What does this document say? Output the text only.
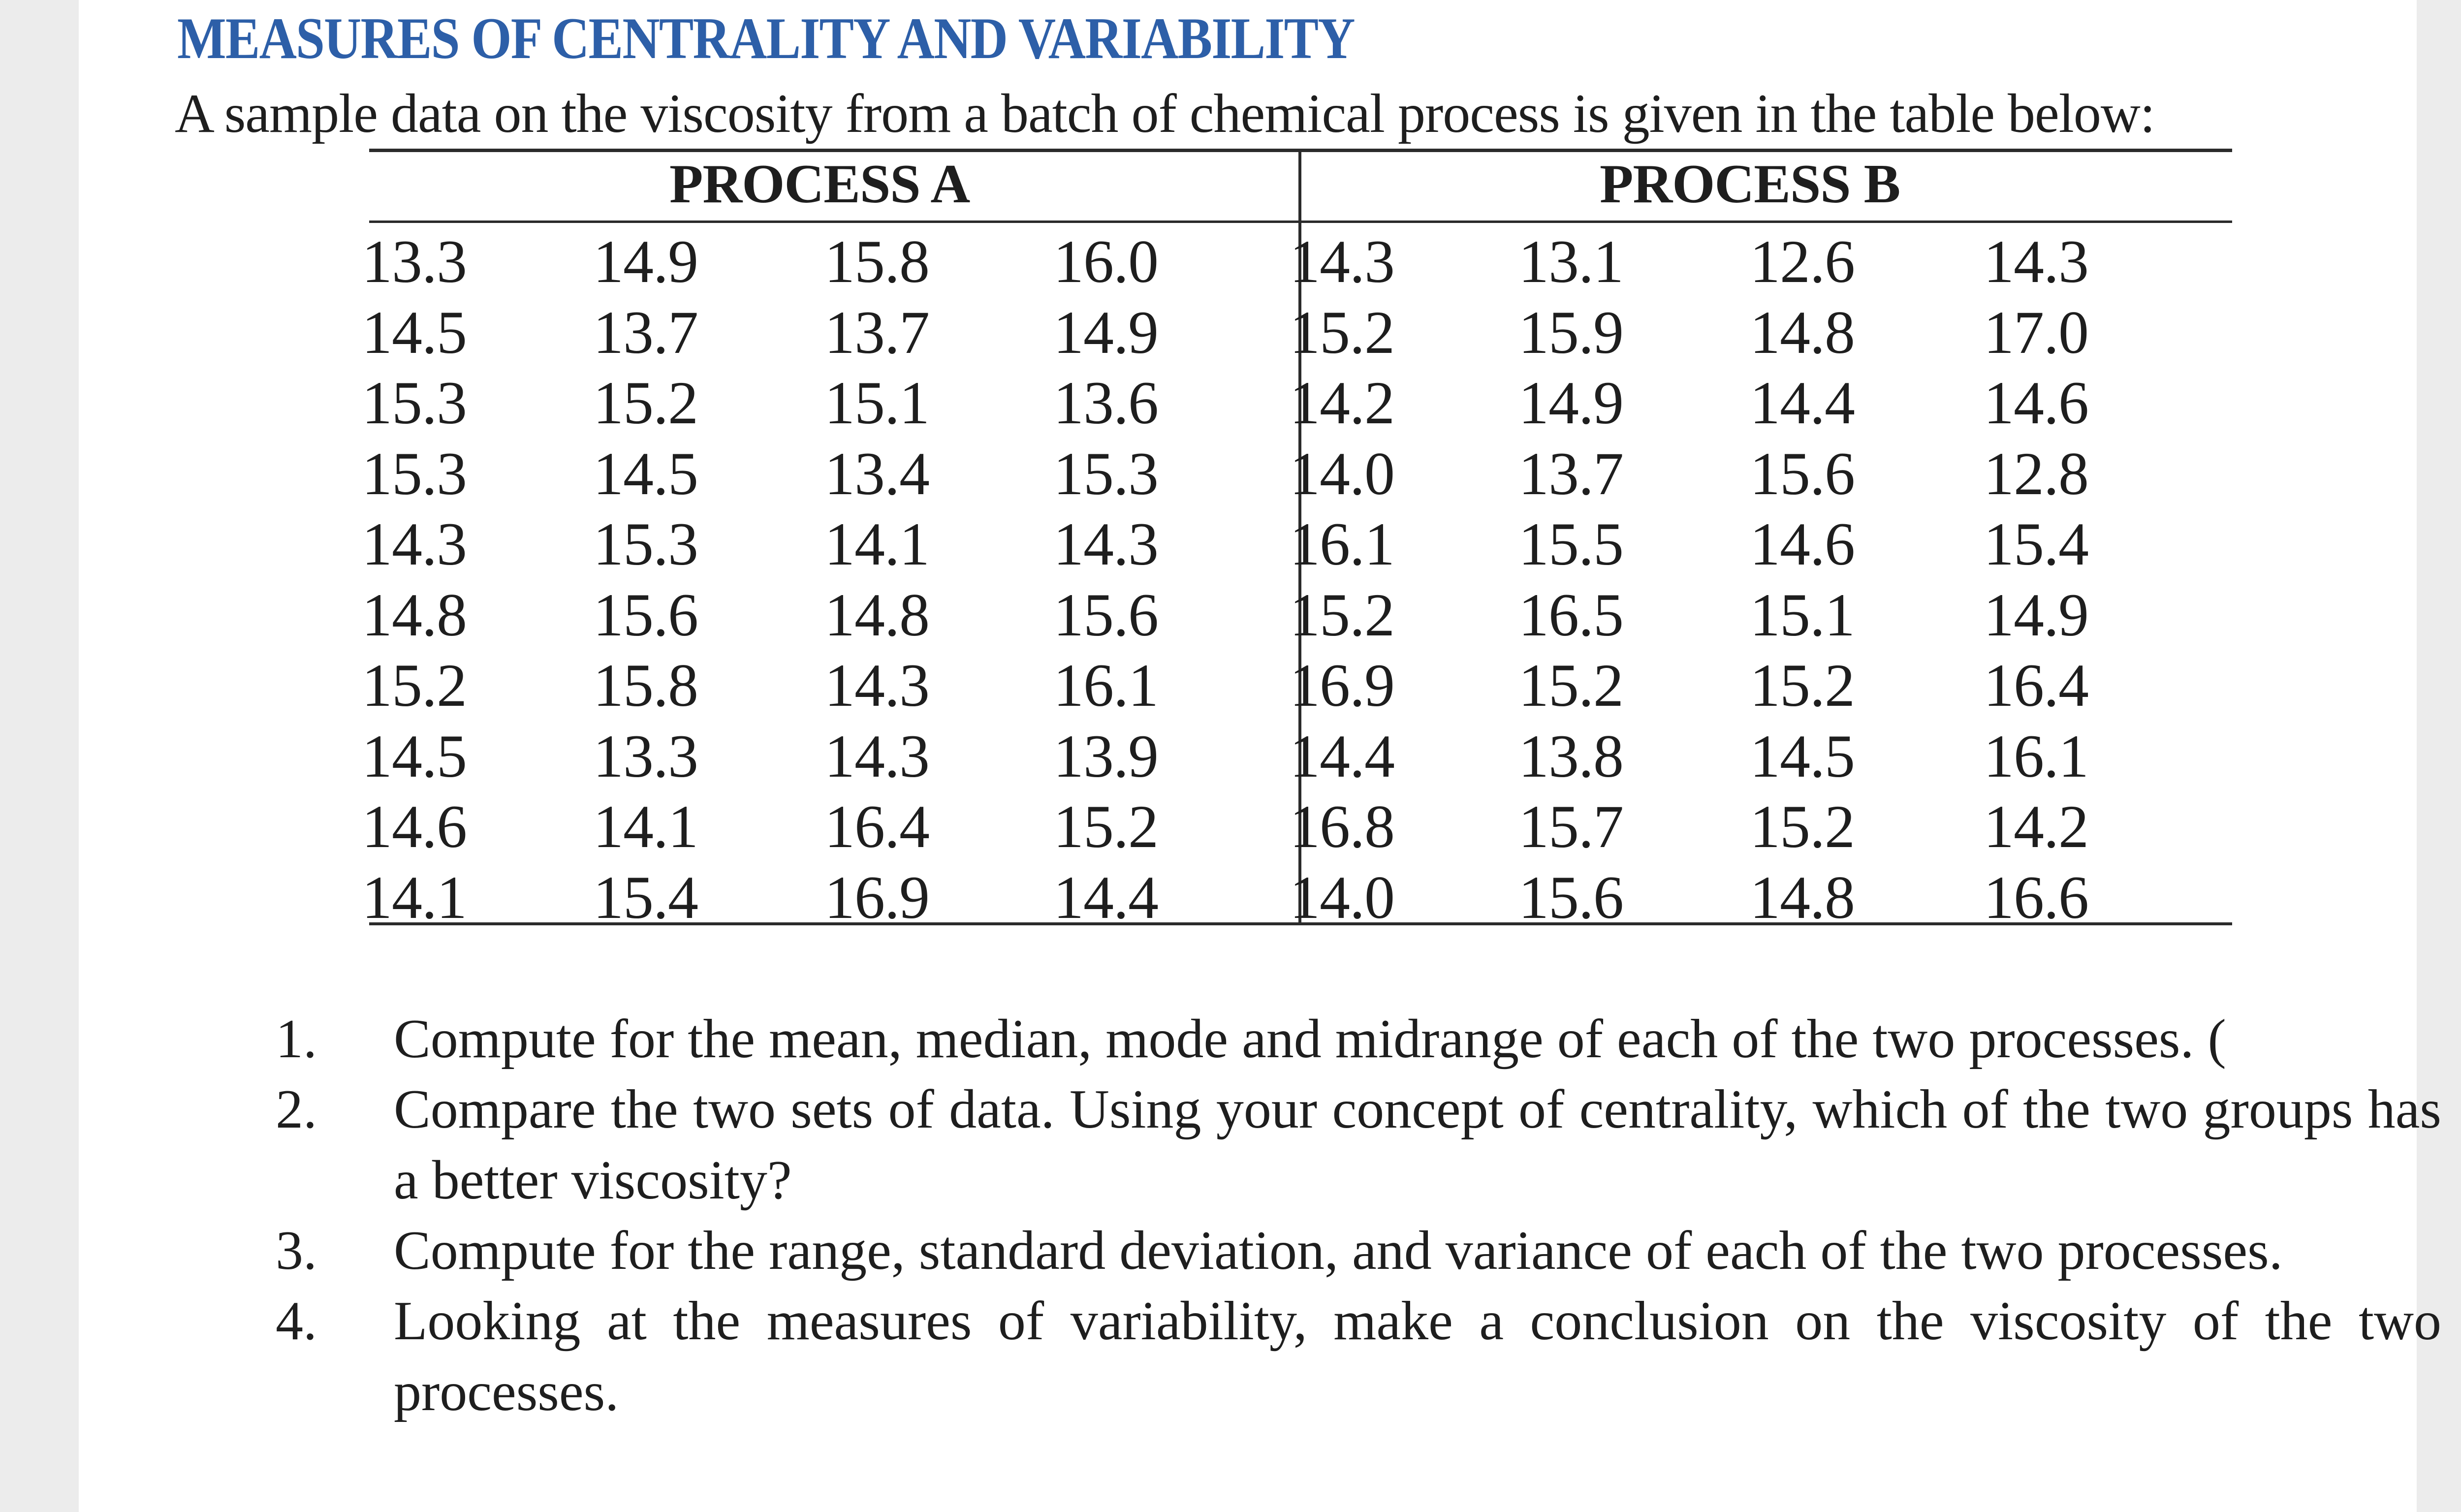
MEASURES OF CENTRALITY AND VARIABILITY
A sample data on the viscosity from a batch of chemical process is given in the table below:
PROCESS A	PROCESS B
13.3 14.9 15.8 16.0 14.3 13.1 12.6 14.3
14.5 13.7 13.7 14.9 15.2 15.9 14.8 17.0
15.3 15.2 15.1 13.6 14.2 14.9 14.4 14.6
15.3 14.5 13.4 15.3 14.0 13.7 15.6 12.8
14.3 15.3 14.1 14.3 16.1 15.5 14.6 15.4
14.8 15.6 14.8 15.6 15.2 16.5 15.1 14.9
15.2 15.8 14.3 16.1 16.9 15.2 15.2 16.4
14.5 13.3 14.3 13.9 14.4 13.8 14.5 16.1
14.6 14.1 16.4 15.2 16.8 15.7 15.2 14.2
14.1 15.4 16.9 14.4 14.0 15.6 14.8 16.6
1. Compute for the mean, median, mode and midrange of each of the two processes. (
2. Compare the two sets of data. Using your concept of centrality, which of the two groups has a better viscosity?
3. Compute for the range, standard deviation, and variance of each of the two processes.
4. Looking at the measures of variability, make a conclusion on the viscosity of the two processes.
